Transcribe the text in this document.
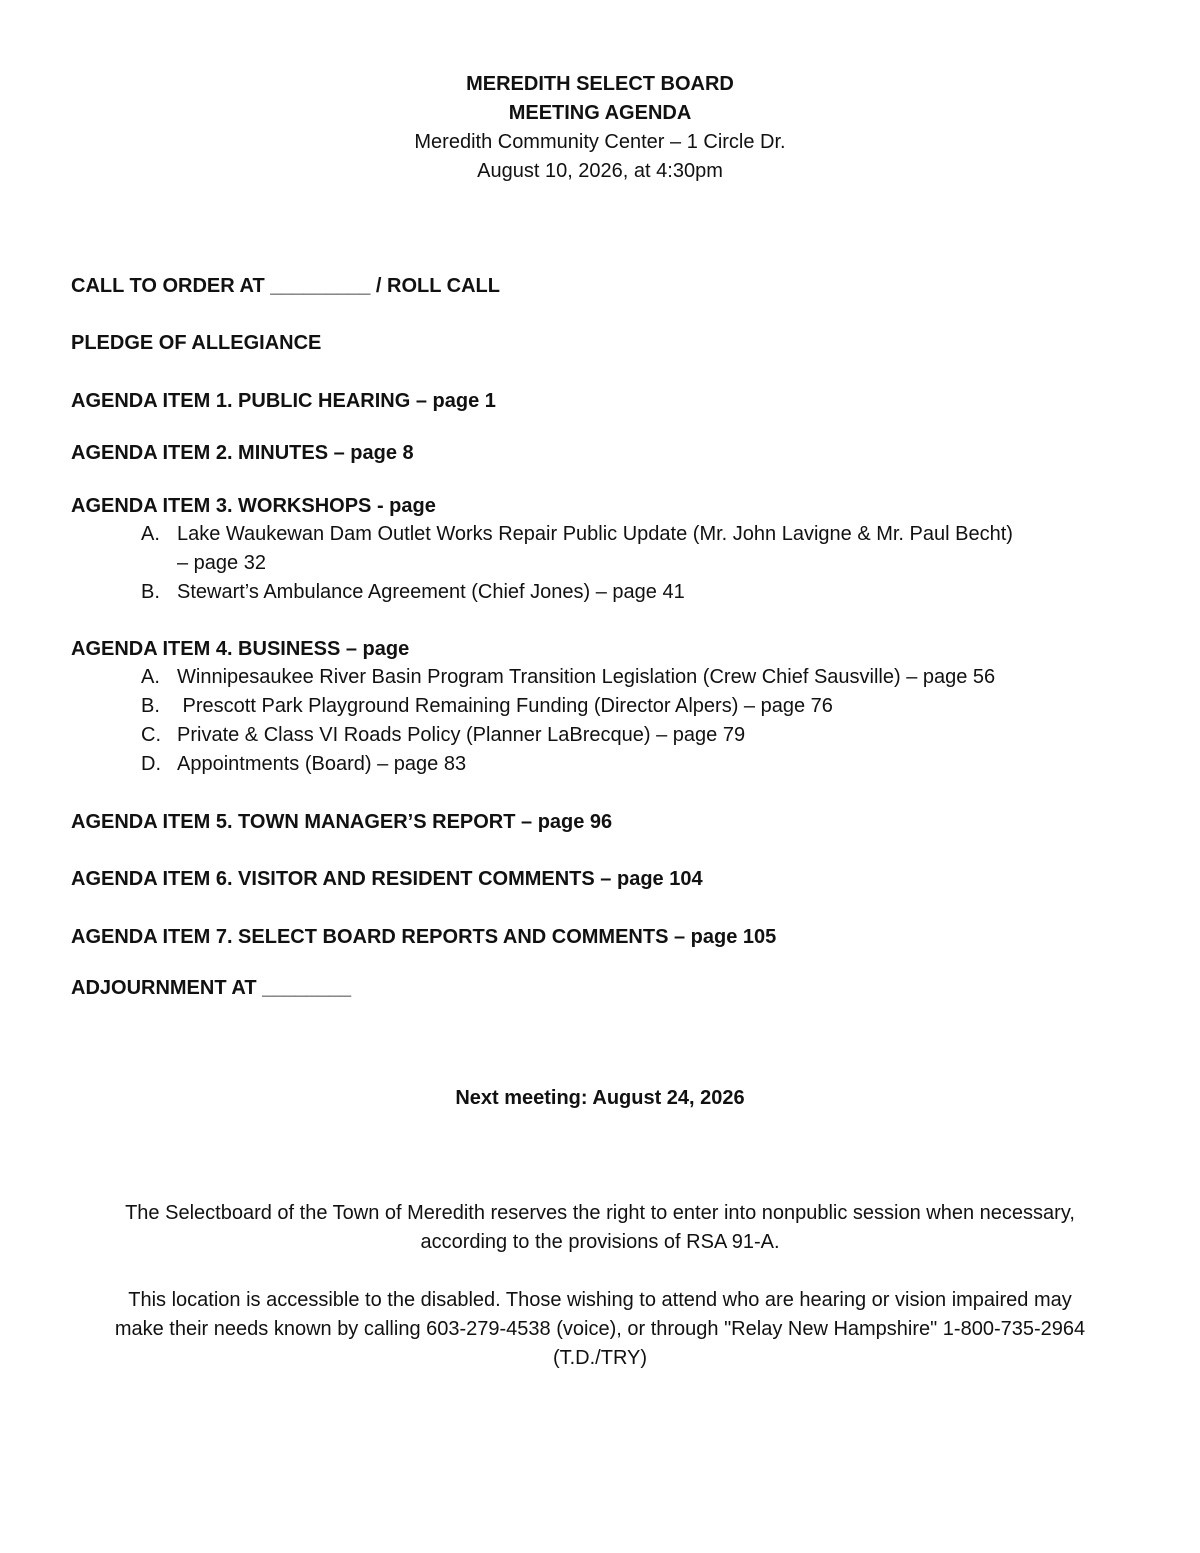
MEREDITH SELECT BOARD
MEETING AGENDA
Meredith Community Center – 1 Circle Dr.
August 10, 2026, at 4:30pm
CALL TO ORDER AT _________ / ROLL CALL
PLEDGE OF ALLEGIANCE
AGENDA ITEM 1. PUBLIC HEARING – page 1
AGENDA ITEM 2. MINUTES – page 8
AGENDA ITEM 3. WORKSHOPS - page
A. Lake Waukewan Dam Outlet Works Repair Public Update (Mr. John Lavigne & Mr. Paul Becht)
– page 32
B. Stewart’s Ambulance Agreement (Chief Jones) – page 41
AGENDA ITEM 4. BUSINESS – page
A. Winnipesaukee River Basin Program Transition Legislation (Crew Chief Sausville) – page 56
B. Prescott Park Playground Remaining Funding (Director Alpers) – page 76
C. Private & Class VI Roads Policy (Planner LaBrecque) – page 79
D. Appointments (Board) – page 83
AGENDA ITEM 5. TOWN MANAGER’S REPORT – page 96
AGENDA ITEM 6. VISITOR AND RESIDENT COMMENTS – page 104
AGENDA ITEM 7. SELECT BOARD REPORTS AND COMMENTS – page 105
ADJOURNMENT AT ________
Next meeting: August 24, 2026
The Selectboard of the Town of Meredith reserves the right to enter into nonpublic session when necessary,
according to the provisions of RSA 91-A.
This location is accessible to the disabled. Those wishing to attend who are hearing or vision impaired may
make their needs known by calling 603-279-4538 (voice), or through "Relay New Hampshire" 1-800-735-2964
(T.D./TRY)
